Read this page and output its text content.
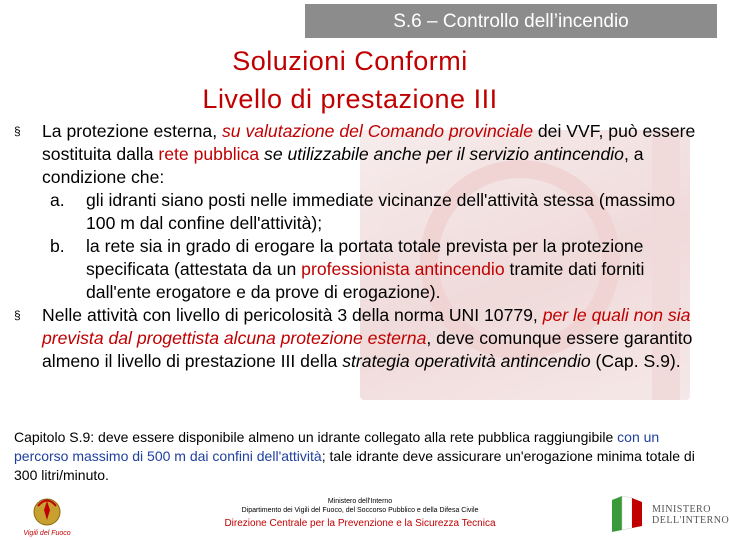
S.6 – Controllo dell’incendio
Soluzioni Conformi
Livello di prestazione III
§	La protezione esterna, su valutazione del Comando provinciale dei VVF, può essere sostituita dalla rete pubblica se utilizzabile anche per il servizio antincendio, a condizione che:
a. gli idranti siano posti nelle immediate vicinanze dell'attività stessa (massimo 100 m dal confine dell'attività);
b. la rete sia in grado di erogare la portata totale prevista per la protezione specificata (attestata da un professionista antincendio tramite dati forniti dall'ente erogatore e da prove di erogazione).
§	Nelle attività con livello di pericolosità 3 della norma UNI 10779, per le quali non sia prevista dal progettista alcuna protezione esterna, deve comunque essere garantito almeno il livello di prestazione III della strategia operatività antincendio (Cap. S.9).
Capitolo S.9: deve essere disponibile almeno un idrante collegato alla rete pubblica raggiungibile con un percorso massimo di 500 m dai confini dell'attività; tale idrante deve assicurare un'erogazione minima totale di 300 litri/minuto.
Vigili del Fuoco
Ministero dell'Interno
Dipartimento dei Vigili del Fuoco, del Soccorso Pubblico e della Difesa Civile
Direzione Centrale per la Prevenzione e la Sicurezza Tecnica
MINISTERO
DELL'INTERNO
